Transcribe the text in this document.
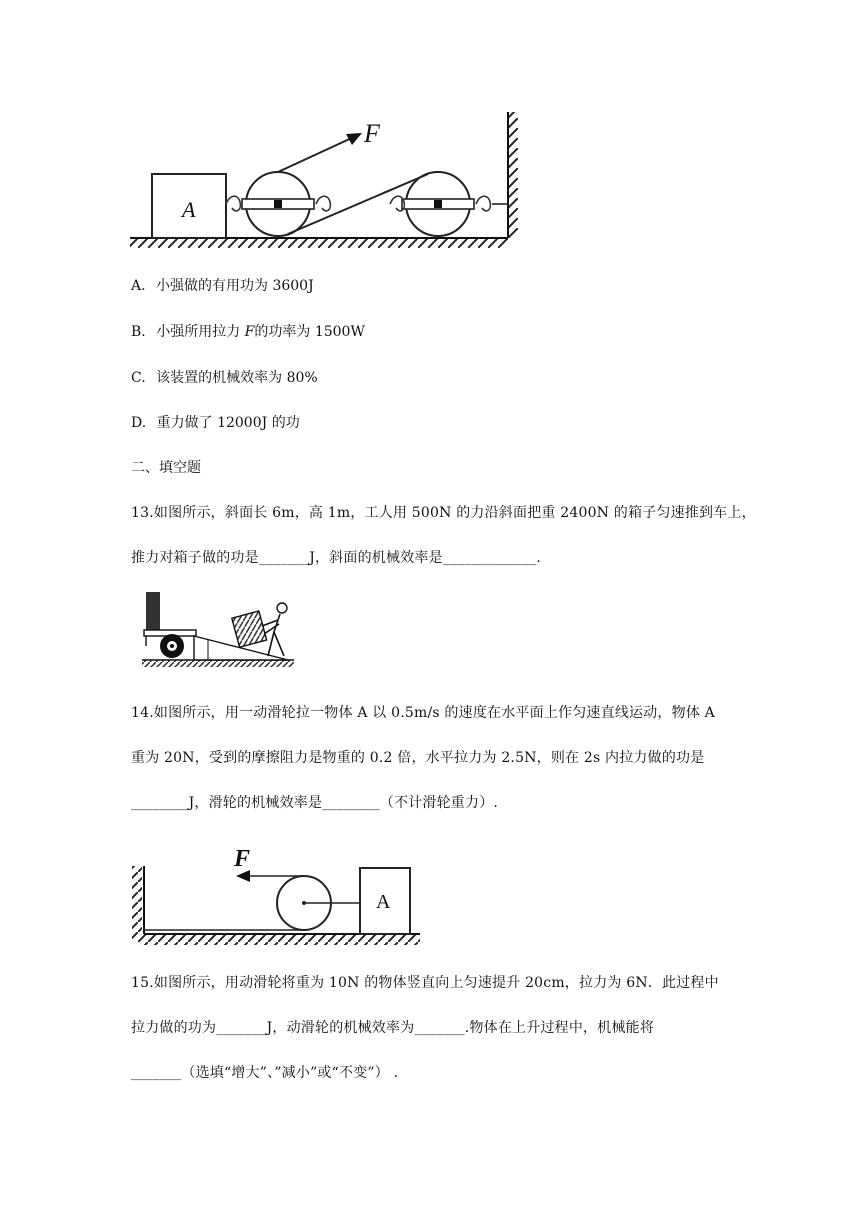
A
F
A. 小强做的有用功为 3600J
B. 小强所用拉力 F的功率为 1500W
C. 该装置的机械效率为 80%
D. 重力做了 12000J 的功
二、填空题
13.如图所示，斜面长 6m，高 1m，工人用 500N 的力沿斜面把重 2400N 的箱子匀速推到车上，
推力对箱子做的功是_______J，斜面的机械效率是_____________.
14.如图所示，用一动滑轮拉一物体 A 以 0.5m/s 的速度在水平面上作匀速直线运动，物体 A
重为 20N，受到的摩擦阻力是物重的 0.2 倍，水平拉力为 2.5N，则在 2s 内拉力做的功是
________J，滑轮的机械效率是________（不计滑轮重力）.
F
A
15.如图所示，用动滑轮将重为 10N 的物体竖直向上匀速提升 20cm，拉力为 6N．此过程中
拉力做的功为_______J，动滑轮的机械效率为_______.物体在上升过程中，机械能将
_______（选填“增大”、”减小”或“不变”） .
